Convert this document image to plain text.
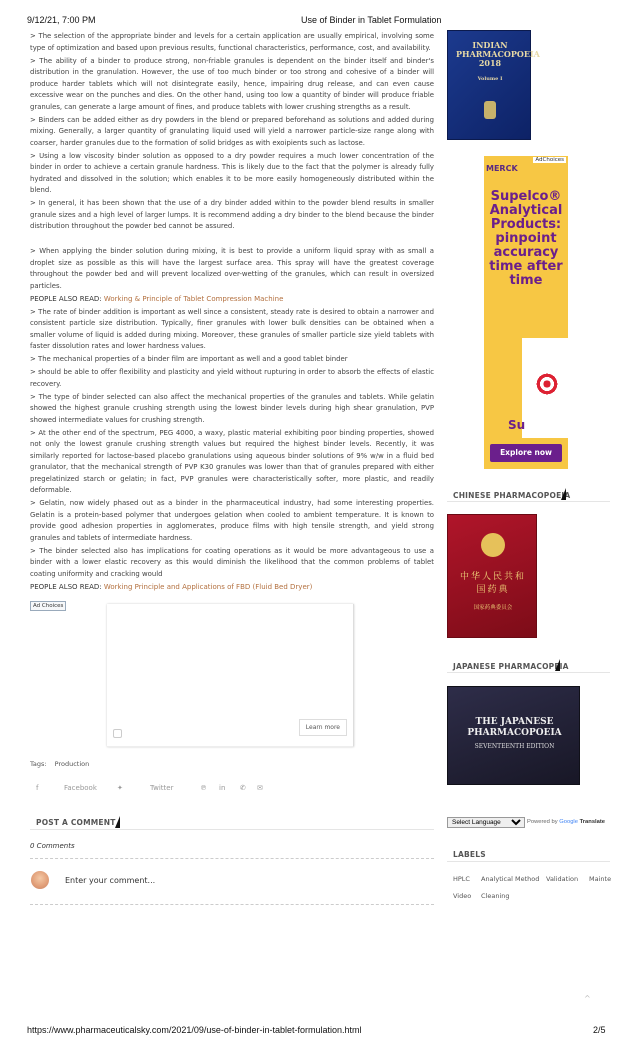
9/12/21, 7:00 PM	Use of Binder in Tablet Formulation
> The selection of the appropriate binder and levels for a certain application are usually empirical, involving some type of optimization and based upon previous results, functional characteristics, performance, cost, and availability.
> The ability of a binder to produce strong, non-friable granules is dependent on the binder itself and binder's distribution in the granulation. However, the use of too much binder or too strong and cohesive of a binder will produce harder tablets which will not disintegrate easily, hence, impairing drug release, and can even cause excessive wear on the punches and dies. On the other hand, using too low a quantity of binder will produce friable granules, can generate a large amount of fines, and produce tablets with lower crushing strengths as a result.
> Binders can be added either as dry powders in the blend or prepared beforehand as solutions and added during mixing. Generally, a larger quantity of granulating liquid used will yield a narrower particle-size range along with coarser, harder granules due to the formation of solid bridges as with exoipients such as lactose.
> Using a low viscosity binder solution as opposed to a dry powder requires a much lower concentration of the binder in order to achieve a certain granule hardness. This is likely due to the fact that the polymer is already fully hydrated and dissolved in the solution; which enables it to be more easily homogeneously distributed within the blend.
> In general, it has been shown that the use of a dry binder added within to the powder blend results in smaller granule sizes and a high level of larger lumps. It is recommend adding a dry binder to the blend because the binder distribution throughout the powder bed cannot be assured.
> When applying the binder solution during mixing, it is best to provide a uniform liquid spray with as small a droplet size as possible as this will have the largest surface area. This spray will have the greatest coverage throughout the powder bed and will prevent localized over-wetting of the granules, which can result in oversized particles.
PEOPLE ALSO READ: Working & Principle of Tablet Compression Machine
> The rate of binder addition is important as well since a consistent, steady rate is desired to obtain a narrower and consistent particle size distribution. Typically, finer granules with lower bulk densities can be obtained when a smaller volume of liquid is added during mixing. Moreover, these granules of smaller particle size yield tablets with faster dissolution rates and lower hardness values.
> The mechanical properties of a binder film are important as well and a good tablet binder
> should be able to offer flexibility and plasticity and yield without rupturing in order to absorb the effects of elastic recovery.
> The type of binder selected can also affect the mechanical properties of the granules and tablets. While gelatin showed the highest granule crushing strength using the lowest binder levels during high shear granulation, PVP showed intermediate values for crushing strength.
> At the other end of the spectrum, PEG 4000, a waxy, plastic material exhibiting poor binding properties, showed not only the lowest granule crushing strength values but required the highest binder levels. Recently, it was similarly reported for lactose-based placebo granulations using aqueous binder solutions of 9% w/w in a fluid bed granulator, that the mechanical strength of PVP K30 granules was lower than that of granules prepared with either pregelatinized starch or gelatin; in fact, PVP granules were characteristically softer, more plastic, and readily deformable.
> Gelatin, now widely phased out as a binder in the pharmaceutical industry, had some interesting properties. Gelatin is a protein-based polymer that undergoes gelation when cooled to ambient temperature. It is known to provide good adhesion properties in agglomerates, produce films with high tensile strength, and yield strong granules and tablets of intermediate hardness.
> The binder selected also has implications for coating operations as it would be more advantageous to use a binder with a lower elastic recovery as this would diminish the likelihood that the common problems of tablet coating uniformity and cracking would
PEOPLE ALSO READ: Working Principle and Applications of FBD (Fluid Bed Dryer)
Ad Choices
Learn more
Tags: Production
f	Facebook	✦	Twitter	℗ in ✆ ✉
POST A COMMENT
0 Comments
Enter your comment...
INDIAN PHARMACOPOEIA 2018
Volume I
AdChoices
MERCK
Supelco® Analytical Products: pinpoint accuracy time after time
Su
Explore now
CHINESE PHARMACOPOEIA
中华人民共和国药典
国家药典委员会
JAPANESE PHARMACOPEIA
THE JAPANESE PHARMACOPOEIA
SEVENTEENTH EDITION
Select Language
Powered by Google Translate
LABELS
HPLC Analytical Method Validation Mainte
Video Cleaning
^
https://www.pharmaceuticalsky.com/2021/09/use-of-binder-in-tablet-formulation.html	2/5
